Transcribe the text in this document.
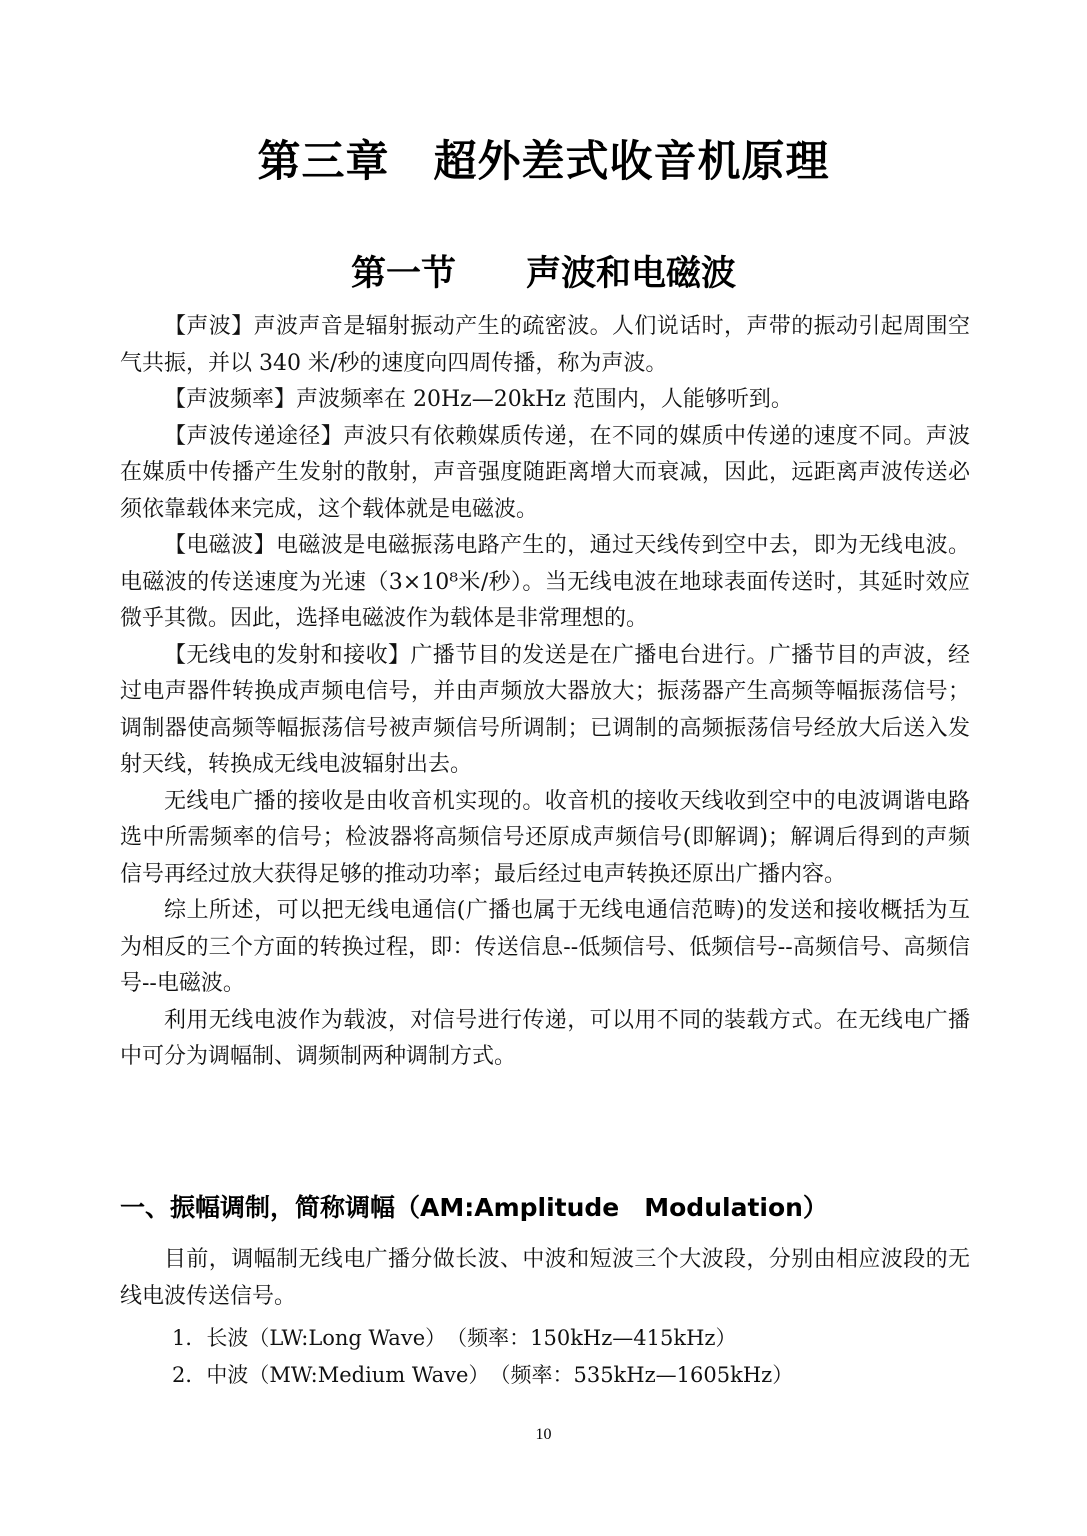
第三章　超外差式收音机原理
第一节　　声波和电磁波

【声波】声波声音是辐射振动产生的疏密波。人们说话时，声带的振动引起周围空气共振，并以 340 米/秒的速度向四周传播，称为声波。

【声波频率】声波频率在 20Hz—20kHz 范围内，人能够听到。

【声波传递途径】声波只有依赖媒质传递，在不同的媒质中传递的速度不同。声波在媒质中传播产生发射的散射，声音强度随距离增大而衰减，因此，远距离声波传送必须依靠载体来完成，这个载体就是电磁波。

【电磁波】电磁波是电磁振荡电路产生的，通过天线传到空中去，即为无线电波。电磁波的传送速度为光速（3×10⁸米/秒）。当无线电波在地球表面传送时，其延时效应微乎其微。因此，选择电磁波作为载体是非常理想的。

【无线电的发射和接收】广播节目的发送是在广播电台进行。广播节目的声波，经过电声器件转换成声频电信号，并由声频放大器放大；振荡器产生高频等幅振荡信号；调制器使高频等幅振荡信号被声频信号所调制；已调制的高频振荡信号经放大后送入发射天线，转换成无线电波辐射出去。

无线电广播的接收是由收音机实现的。收音机的接收天线收到空中的电波调谐电路选中所需频率的信号；检波器将高频信号还原成声频信号(即解调)；解调后得到的声频信号再经过放大获得足够的推动功率；最后经过电声转换还原出广播内容。

综上所述，可以把无线电通信(广播也属于无线电通信范畴)的发送和接收概括为互为相反的三个方面的转换过程，即：传送信息--低频信号、低频信号--高频信号、高频信号--电磁波。

利用无线电波作为载波，对信号进行传递，可以用不同的装载方式。在无线电广播中可分为调幅制、调频制两种调制方式。

一、振幅调制，简称调幅（AM:Amplitude　Modulation）

目前，调幅制无线电广播分做长波、中波和短波三个大波段，分别由相应波段的无线电波传送信号。

1．长波（LW:Long Wave）　（频率：150kHz—415kHz）
2．中波（MW:Medium Wave）　（频率：535kHz—1605kHz）
10
